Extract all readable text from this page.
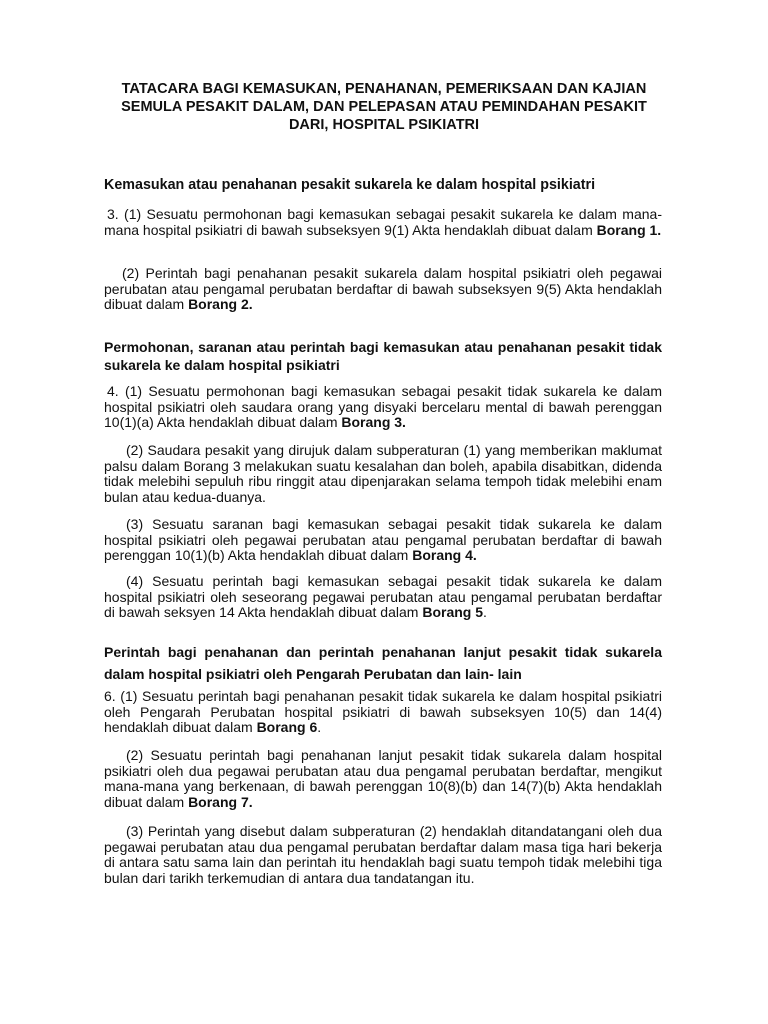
TATACARA BAGI KEMASUKAN, PENAHANAN, PEMERIKSAAN DAN KAJIAN
SEMULA PESAKIT DALAM, DAN PELEPASAN ATAU PEMINDAHAN PESAKIT
DARI, HOSPITAL PSIKIATRI
Kemasukan atau penahanan pesakit sukarela ke dalam hospital psikiatri

3. (1) Sesuatu permohonan bagi kemasukan sebagai pesakit sukarela ke dalam mana-mana hospital psikiatri di bawah subseksyen 9(1) Akta hendaklah dibuat dalam Borang 1.

(2) Perintah bagi penahanan pesakit sukarela dalam hospital psikiatri oleh pegawai perubatan atau pengamal perubatan berdaftar di bawah subseksyen 9(5) Akta hendaklah dibuat dalam Borang 2.

Permohonan, saranan atau perintah bagi kemasukan atau penahanan pesakit tidak sukarela ke dalam hospital psikiatri

4. (1) Sesuatu permohonan bagi kemasukan sebagai pesakit tidak sukarela ke dalam hospital psikiatri oleh saudara orang yang disyaki bercelaru mental di bawah perenggan 10(1)(a) Akta hendaklah dibuat dalam Borang 3.

(2) Saudara pesakit yang dirujuk dalam subperaturan (1) yang memberikan maklumat palsu dalam Borang 3 melakukan suatu kesalahan dan boleh, apabila disabitkan, didenda tidak melebihi sepuluh ribu ringgit atau dipenjarakan selama tempoh tidak melebihi enam bulan atau kedua-duanya.

(3) Sesuatu saranan bagi kemasukan sebagai pesakit tidak sukarela ke dalam hospital psikiatri oleh pegawai perubatan atau pengamal perubatan berdaftar di bawah perenggan 10(1)(b) Akta hendaklah dibuat dalam Borang 4.

(4) Sesuatu perintah bagi kemasukan sebagai pesakit tidak sukarela ke dalam hospital psikiatri oleh seseorang pegawai perubatan atau pengamal perubatan berdaftar di bawah seksyen 14 Akta hendaklah dibuat dalam Borang 5.

Perintah bagi penahanan dan perintah penahanan lanjut pesakit tidak sukarela dalam hospital psikiatri oleh Pengarah Perubatan dan lain- lain

6. (1) Sesuatu perintah bagi penahanan pesakit tidak sukarela ke dalam hospital psikiatri oleh Pengarah Perubatan hospital psikiatri di bawah subseksyen 10(5) dan 14(4) hendaklah dibuat dalam Borang 6.

(2) Sesuatu perintah bagi penahanan lanjut pesakit tidak sukarela dalam hospital psikiatri oleh dua pegawai perubatan atau dua pengamal perubatan berdaftar, mengikut mana-mana yang berkenaan, di bawah perenggan 10(8)(b) dan 14(7)(b) Akta hendaklah dibuat dalam Borang 7.

(3) Perintah yang disebut dalam subperaturan (2) hendaklah ditandatangani oleh dua pegawai perubatan atau dua pengamal perubatan berdaftar dalam masa tiga hari bekerja di antara satu sama lain dan perintah itu hendaklah bagi suatu tempoh tidak melebihi tiga bulan dari tarikh terkemudian di antara dua tandatangan itu.
